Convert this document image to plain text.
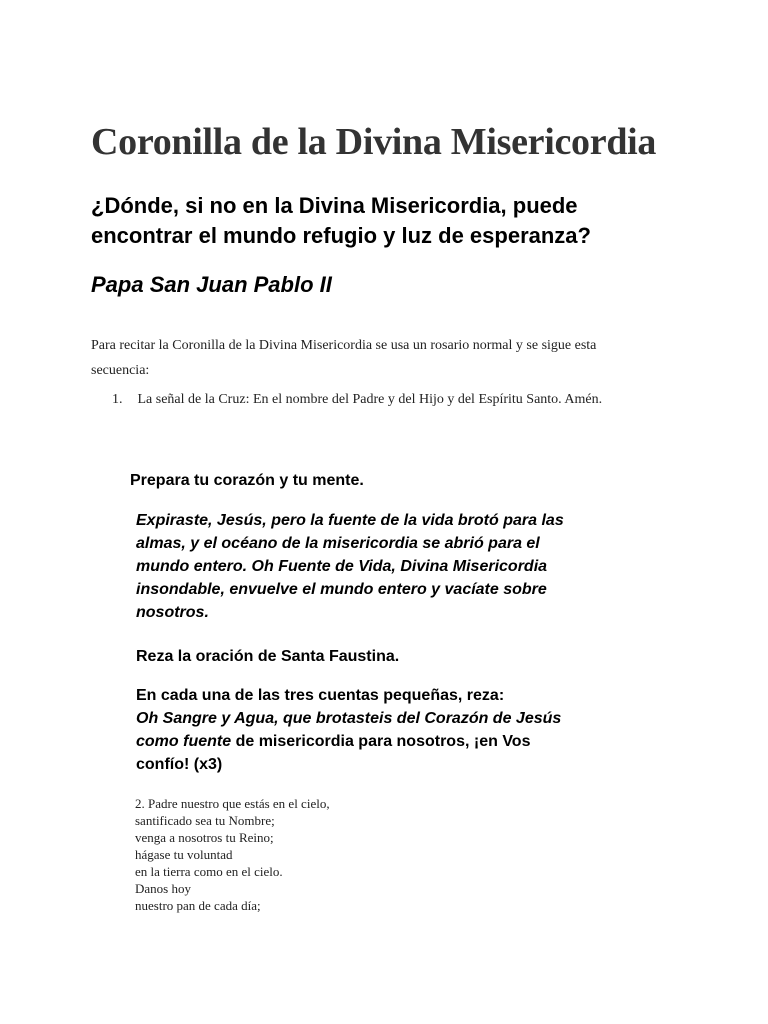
Coronilla de la Divina Misericordia
¿Dónde, si no en la Divina Misericordia, puede
encontrar el mundo refugio y luz de esperanza?
Papa San Juan Pablo II
Para recitar la Coronilla de la Divina Misericordia se usa un rosario normal y se sigue esta
secuencia:
1. La señal de la Cruz: En el nombre del Padre y del Hijo y del Espíritu Santo. Amén.

Prepara tu corazón y tu mente.

Expiraste, Jesús, pero la fuente de la vida brotó para las
almas, y el océano de la misericordia se abrió para el
mundo entero. Oh Fuente de Vida, Divina Misericordia
insondable, envuelve el mundo entero y vacíate sobre
nosotros.

Reza la oración de Santa Faustina.

En cada una de las tres cuentas pequeñas, reza:
Oh Sangre y Agua, que brotasteis del Corazón de Jesús
como fuente de misericordia para nosotros, ¡en Vos
confío! (x3)
2. Padre nuestro que estás en el cielo,
santificado sea tu Nombre;
venga a nosotros tu Reino;
hágase tu voluntad
en la tierra como en el cielo.
Danos hoy
nuestro pan de cada día;
